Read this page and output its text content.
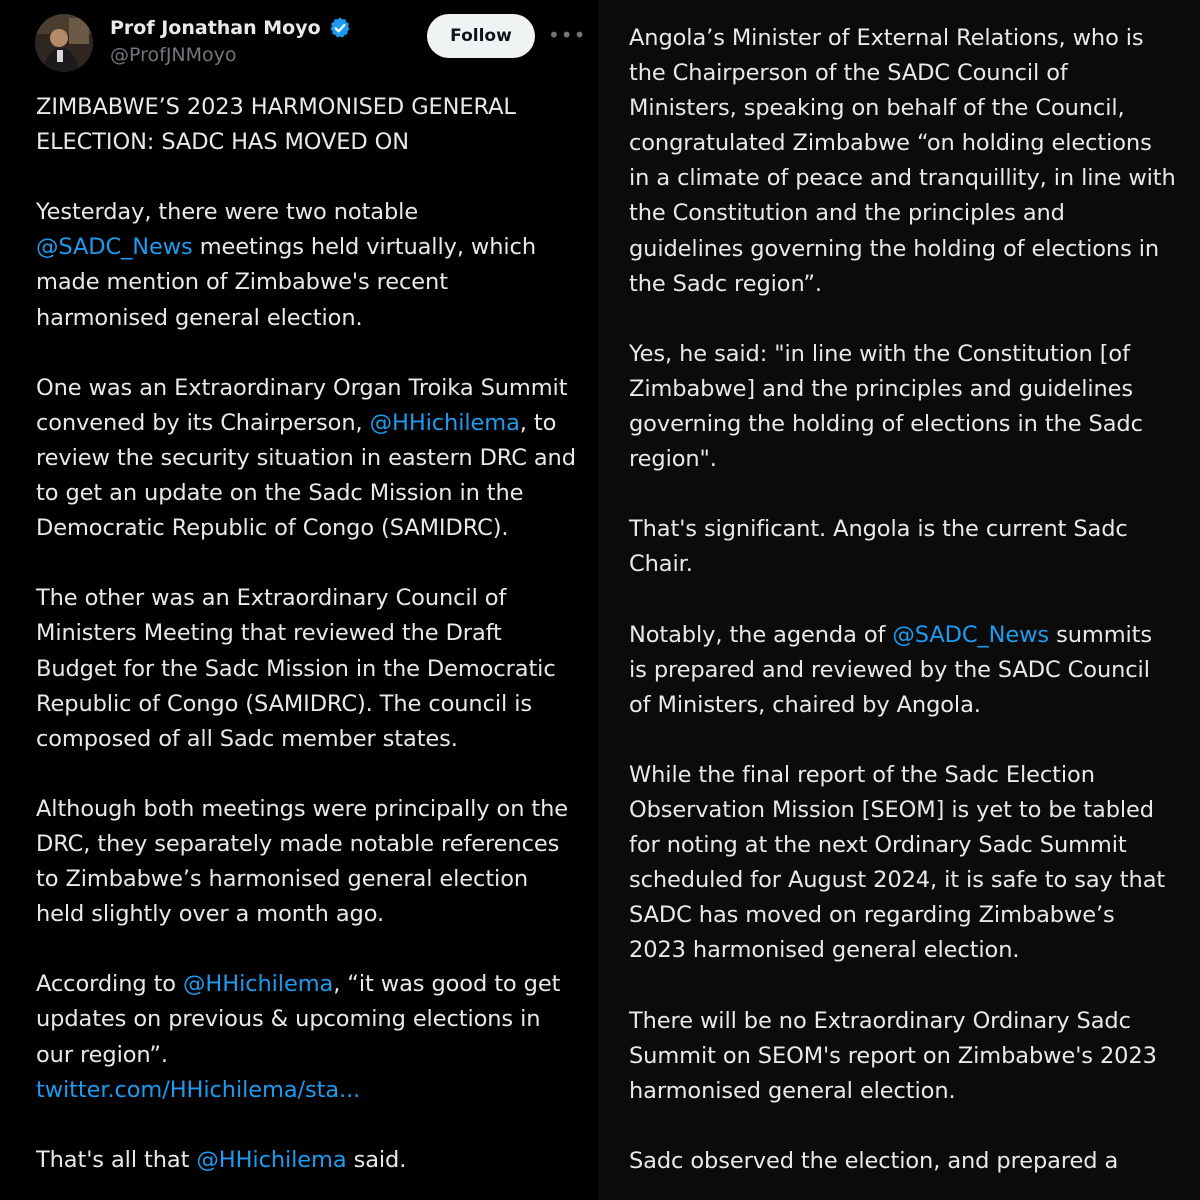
Prof Jonathan Moyo
@ProfJNMoyo
Follow	•••

ZIMBABWE’S 2023 HARMONISED GENERAL
ELECTION: SADC HAS MOVED ON

Yesterday, there were two notable
@SADC_News meetings held virtually, which
made mention of Zimbabwe's recent
harmonised general election.

One was an Extraordinary Organ Troika Summit
convened by its Chairperson, @HHichilema, to
review the security situation in eastern DRC and
to get an update on the Sadc Mission in the
Democratic Republic of Congo (SAMIDRC).

The other was an Extraordinary Council of
Ministers Meeting that reviewed the Draft
Budget for the Sadc Mission in the Democratic
Republic of Congo (SAMIDRC). The council is
composed of all Sadc member states.

Although both meetings were principally on the
DRC, they separately made notable references
to Zimbabwe’s harmonised general election
held slightly over a month ago.

According to @HHichilema, “it was good to get
updates on previous & upcoming elections in
our region”.
twitter.com/HHichilema/sta...

That's all that @HHichilema said.

Angola’s Minister of External Relations, who is
the Chairperson of the SADC Council of
Ministers, speaking on behalf of the Council,
congratulated Zimbabwe “on holding elections
in a climate of peace and tranquillity, in line with
the Constitution and the principles and
guidelines governing the holding of elections in
the Sadc region”.

Yes, he said: "in line with the Constitution [of
Zimbabwe] and the principles and guidelines
governing the holding of elections in the Sadc
region".

That's significant. Angola is the current Sadc
Chair.

Notably, the agenda of @SADC_News summits
is prepared and reviewed by the SADC Council
of Ministers, chaired by Angola.

While the final report of the Sadc Election
Observation Mission [SEOM] is yet to be tabled
for noting at the next Ordinary Sadc Summit
scheduled for August 2024, it is safe to say that
SADC has moved on regarding Zimbabwe’s
2023 harmonised general election.

There will be no Extraordinary Ordinary Sadc
Summit on SEOM's report on Zimbabwe's 2023
harmonised general election.

Sadc observed the election, and prepared a
